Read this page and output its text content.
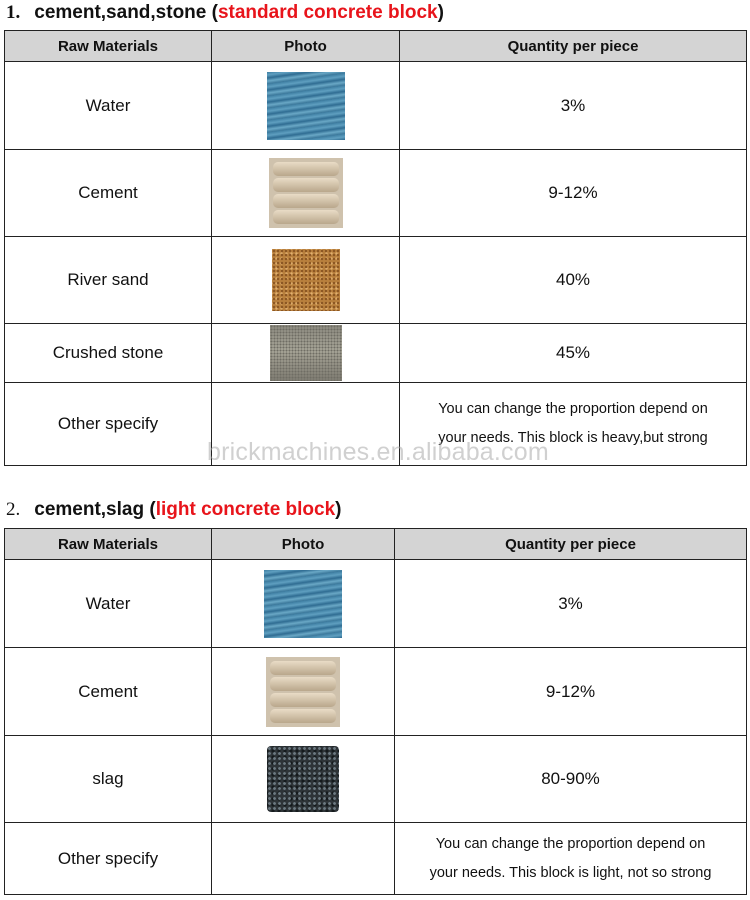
1. cement,sand,stone (standard concrete block)
Raw Materials	Photo	Quantity per piece
Water		3%
Cement		9-12%
River sand		40%
Crushed stone		45%
Other specify		You can change the proportion depend on
your needs. This block is heavy,but strong
brickmachines.en.alibaba.com
2. cement,slag (light concrete block)
Raw Materials	Photo	Quantity per piece
Water		3%
Cement		9-12%
slag		80-90%
Other specify		You can change the proportion depend on
your needs. This block is light, not so strong
